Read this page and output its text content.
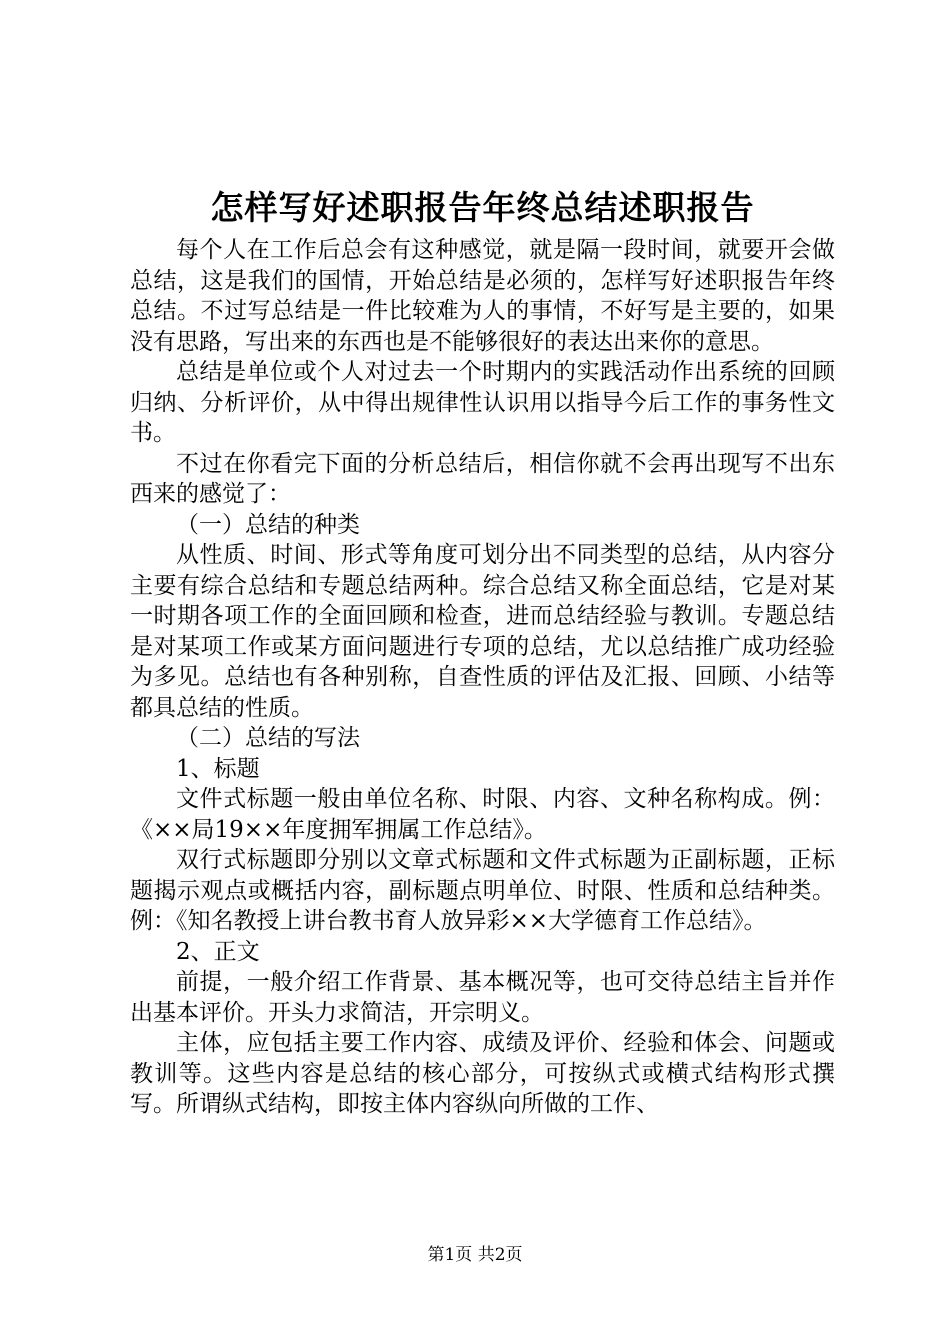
怎样写好述职报告年终总结述职报告

每个人在工作后总会有这种感觉，就是隔一段时间，就要开会做总结，这是我们的国情，开始总结是必须的，怎样写好述职报告年终总结。不过写总结是一件比较难为人的事情，不好写是主要的，如果没有思路，写出来的东西也是不能够很好的表达出来你的意思。

总结是单位或个人对过去一个时期内的实践活动作出系统的回顾归纳、分析评价，从中得出规律性认识用以指导今后工作的事务性文书。

不过在你看完下面的分析总结后，相信你就不会再出现写不出东西来的感觉了：

（一）总结的种类

从性质、时间、形式等角度可划分出不同类型的总结，从内容分主要有综合总结和专题总结两种。综合总结又称全面总结，它是对某一时期各项工作的全面回顾和检查，进而总结经验与教训。专题总结是对某项工作或某方面问题进行专项的总结，尤以总结推广成功经验为多见。总结也有各种别称，自查性质的评估及汇报、回顾、小结等都具总结的性质。

（二）总结的写法

1、标题

文件式标题一般由单位名称、时限、内容、文种名称构成。例：《××局19××年度拥军拥属工作总结》。

双行式标题即分别以文章式标题和文件式标题为正副标题，正标题揭示观点或概括内容，副标题点明单位、时限、性质和总结种类。例：《知名教授上讲台教书育人放异彩××大学德育工作总结》。

2、正文

前提，一般介绍工作背景、基本概况等，也可交待总结主旨并作出基本评价。开头力求简洁，开宗明义。

主体，应包括主要工作内容、成绩及评价、经验和体会、问题或教训等。这些内容是总结的核心部分，可按纵式或横式结构形式撰写。所谓纵式结构，即按主体内容纵向所做的工作、

第1页 共2页
